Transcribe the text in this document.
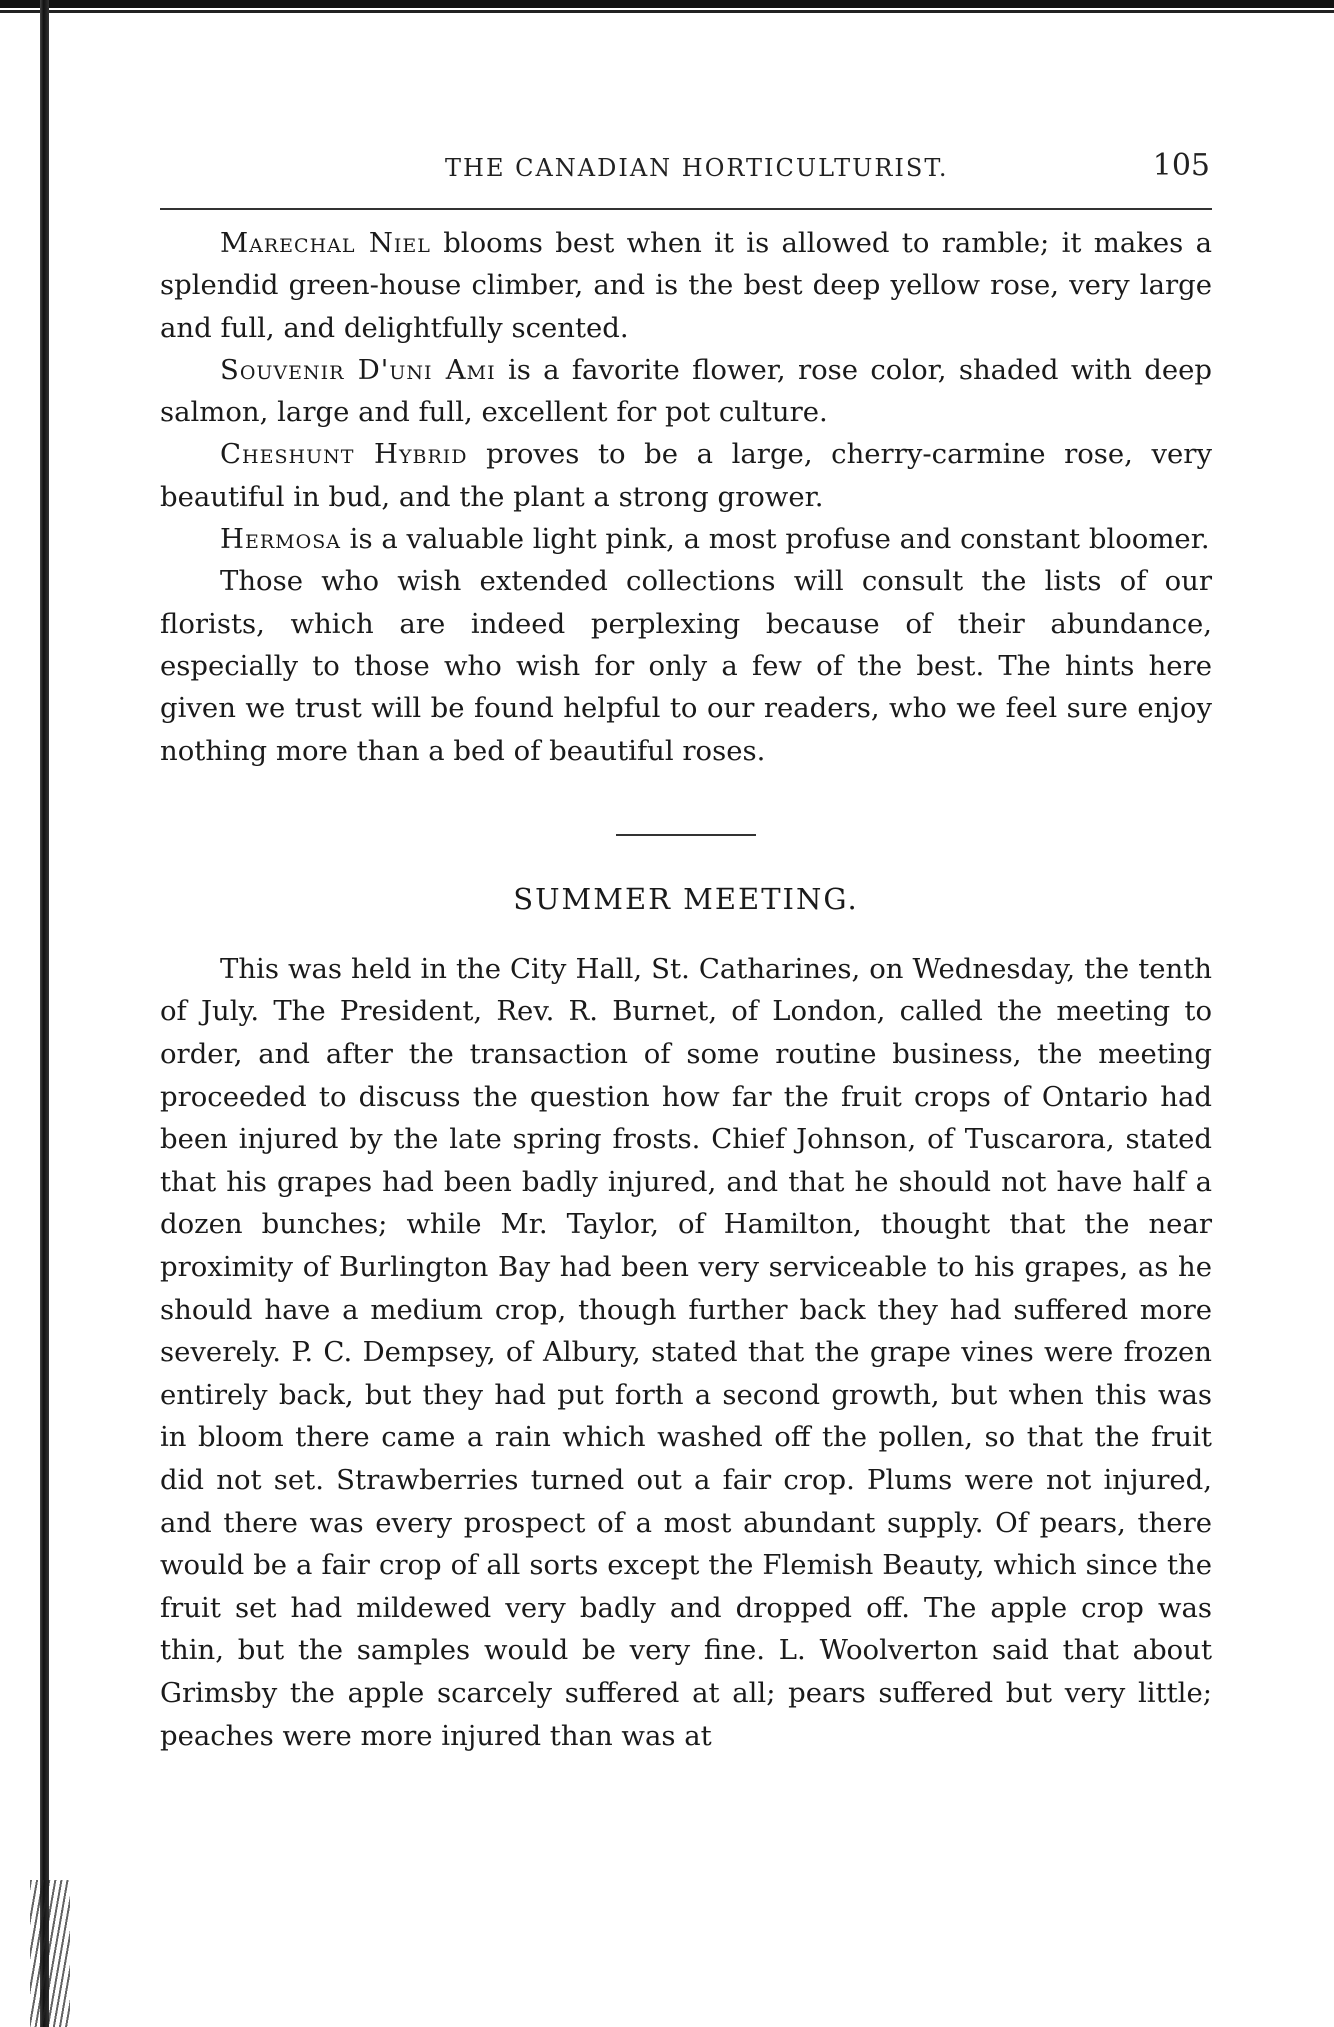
THE CANADIAN HORTICULTURIST.	105

Marechal Niel blooms best when it is allowed to ramble; it makes a splendid green-house climber, and is the best deep yellow rose, very large and full, and delightfully scented.

Souvenir D'uni Ami is a favorite flower, rose color, shaded with deep salmon, large and full, excellent for pot culture.

Cheshunt Hybrid proves to be a large, cherry-carmine rose, very beautiful in bud, and the plant a strong grower.

Hermosa is a valuable light pink, a most profuse and constant bloomer.

Those who wish extended collections will consult the lists of our florists, which are indeed perplexing because of their abundance, especially to those who wish for only a few of the best. The hints here given we trust will be found helpful to our readers, who we feel sure enjoy nothing more than a bed of beautiful roses.

SUMMER MEETING.

This was held in the City Hall, St. Catharines, on Wednesday, the tenth of July. The President, Rev. R. Burnet, of London, called the meeting to order, and after the transaction of some routine business, the meeting proceeded to discuss the question how far the fruit crops of Ontario had been injured by the late spring frosts. Chief Johnson, of Tuscarora, stated that his grapes had been badly injured, and that he should not have half a dozen bunches; while Mr. Taylor, of Hamilton, thought that the near proximity of Burlington Bay had been very serviceable to his grapes, as he should have a medium crop, though further back they had suffered more severely. P. C. Dempsey, of Albury, stated that the grape vines were frozen entirely back, but they had put forth a second growth, but when this was in bloom there came a rain which washed off the pollen, so that the fruit did not set. Strawberries turned out a fair crop. Plums were not injured, and there was every prospect of a most abundant supply. Of pears, there would be a fair crop of all sorts except the Flemish Beauty, which since the fruit set had mildewed very badly and dropped off. The apple crop was thin, but the samples would be very fine. L. Woolverton said that about Grimsby the apple scarcely suffered at all; pears suffered but very little; peaches were more injured than was at
